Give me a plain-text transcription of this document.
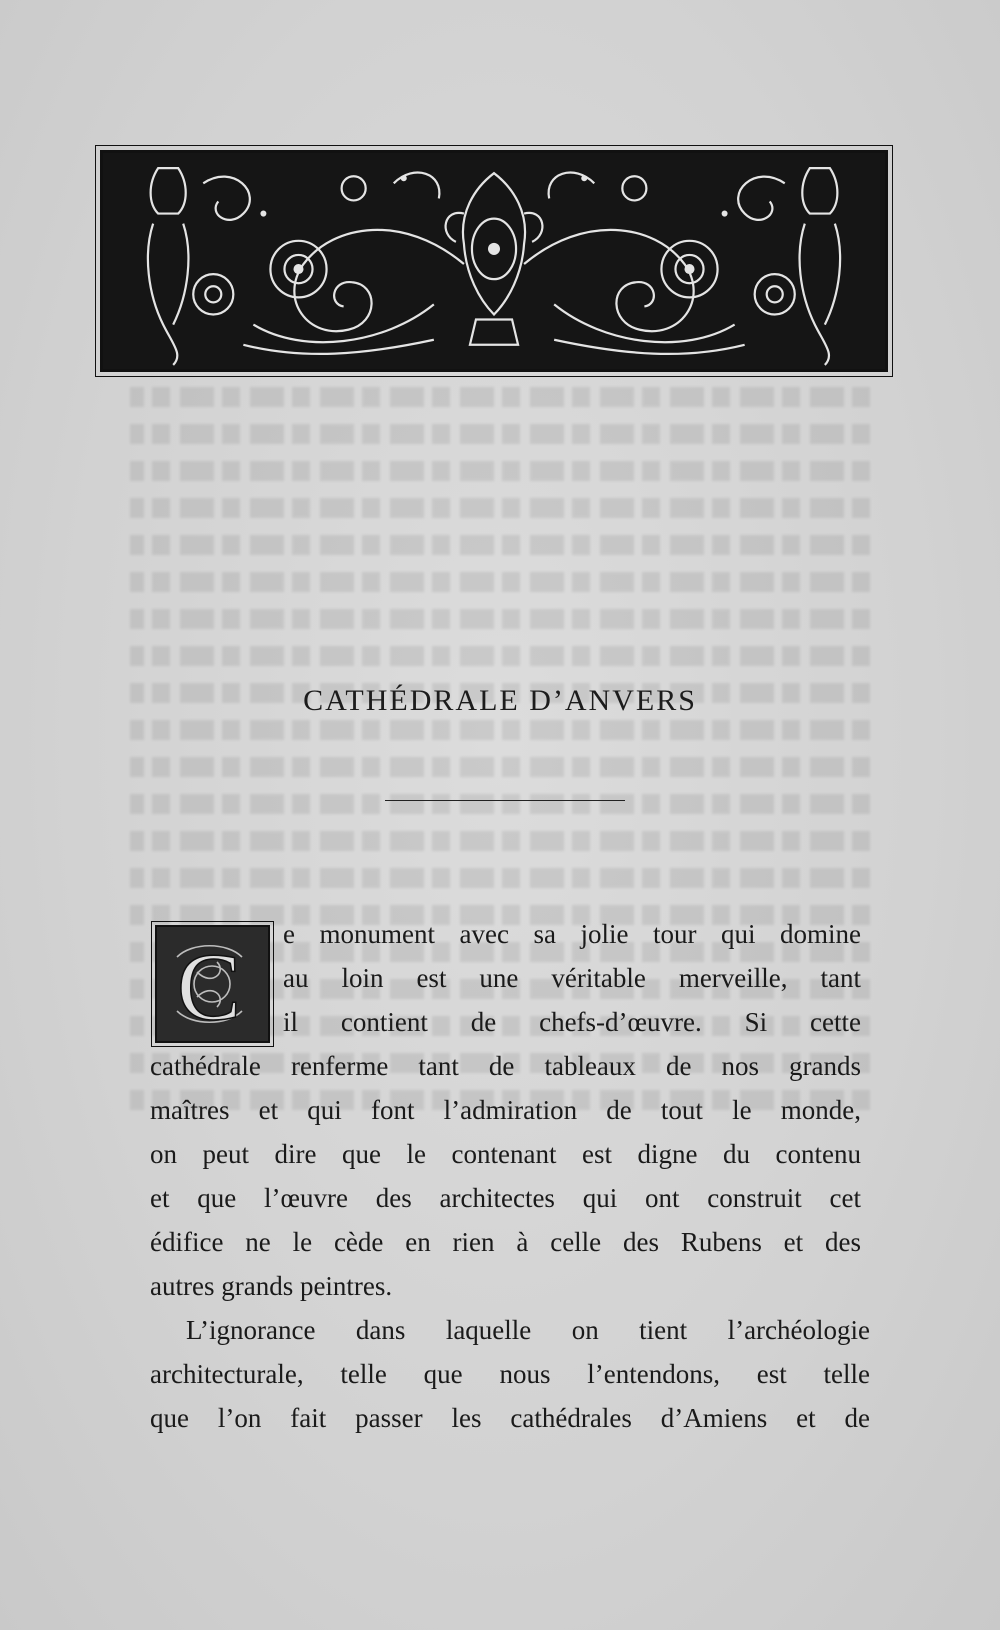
CATHÉDRALE D’ANVERS
C e monument avec sa jolie tour qui domine
au loin est une véritable merveille, tant
il contient de chefs-d’œuvre. Si cette
cathédrale renferme tant de tableaux de nos grands
maîtres et qui font l’admiration de tout le monde,
on peut dire que le contenant est digne du contenu
et que l’œuvre des architectes qui ont construit cet
édifice ne le cède en rien à celle des Rubens et des
autres grands peintres.
L’ignorance dans laquelle on tient l’archéologie
architecturale, telle que nous l’entendons, est telle
que l’on fait passer les cathédrales d’Amiens et de
